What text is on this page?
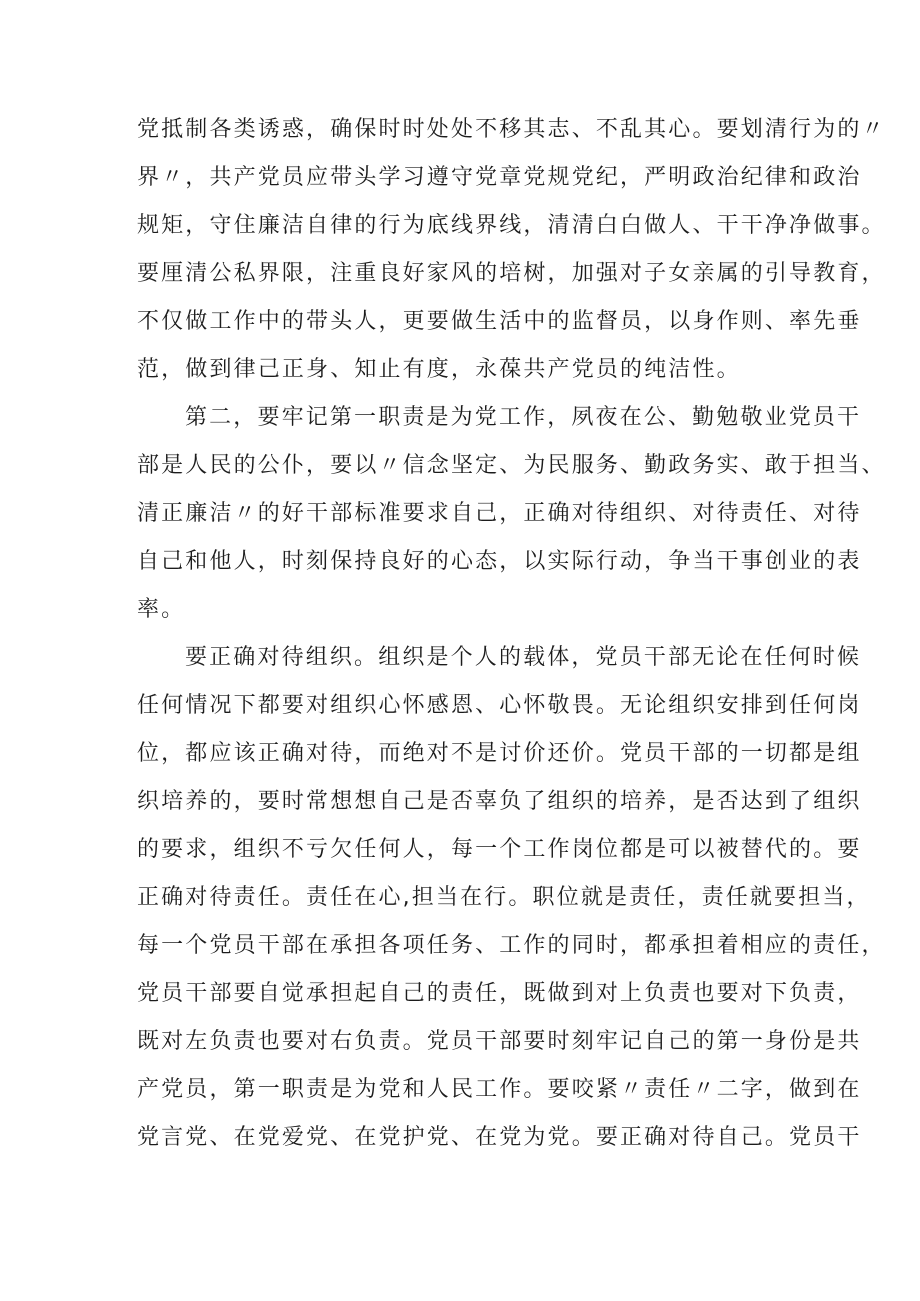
党抵制各类诱惑，确保时时处处不移其志、不乱其心。要划清行为的〃
界〃，共产党员应带头学习遵守党章党规党纪，严明政治纪律和政治
规矩，守住廉洁自律的行为底线界线，清清白白做人、干干净净做事。
要厘清公私界限，注重良好家风的培树，加强对子女亲属的引导教育，
不仅做工作中的带头人，更要做生活中的监督员，以身作则、率先垂
范，做到律己正身、知止有度，永葆共产党员的纯洁性。
第二，要牢记第一职责是为党工作，夙夜在公、勤勉敬业党员干
部是人民的公仆，要以〃信念坚定、为民服务、勤政务实、敢于担当、
清正廉洁〃的好干部标准要求自己，正确对待组织、对待责任、对待
自己和他人，时刻保持良好的心态，以实际行动，争当干事创业的表
率。
要正确对待组织。组织是个人的载体，党员干部无论在任何时候
任何情况下都要对组织心怀感恩、心怀敬畏。无论组织安排到任何岗
位，都应该正确对待，而绝对不是讨价还价。党员干部的一切都是组
织培养的，要时常想想自己是否辜负了组织的培养，是否达到了组织
的要求，组织不亏欠任何人，每一个工作岗位都是可以被替代的。要
正确对待责任。责任在心,担当在行。职位就是责任，责任就要担当，
每一个党员干部在承担各项任务、工作的同时，都承担着相应的责任，
党员干部要自觉承担起自己的责任，既做到对上负责也要对下负责，
既对左负责也要对右负责。党员干部要时刻牢记自己的第一身份是共
产党员，第一职责是为党和人民工作。要咬紧〃责任〃二字，做到在
党言党、在党爱党、在党护党、在党为党。要正确对待自己。党员干
